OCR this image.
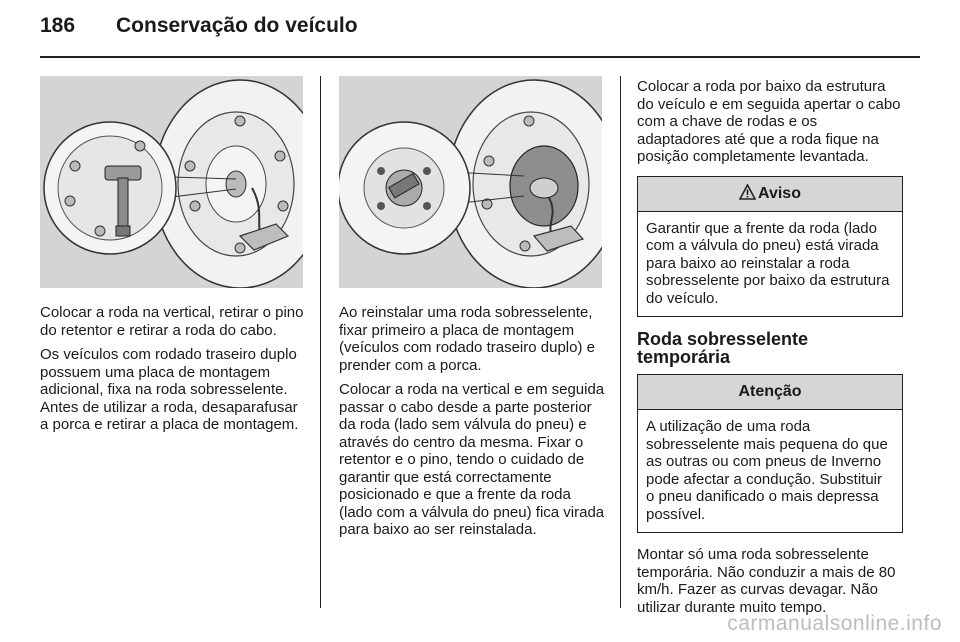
186 Conservação do veículo

Colocar a roda na vertical, retirar o pino do retentor e retirar a roda do cabo.

Os veículos com rodado traseiro duplo possuem uma placa de montagem adicional, fixa na roda sobresselente. Antes de utilizar a roda, desaparafusar a porca e retirar a placa de montagem.

Ao reinstalar uma roda sobresselente, fixar primeiro a placa de montagem (veículos com rodado traseiro duplo) e prender com a porca.

Colocar a roda na vertical e em seguida passar o cabo desde a parte posterior da roda (lado sem válvula do pneu) e através do centro da mesma. Fixar o retentor e o pino, tendo o cuidado de garantir que está correctamente posicionado e que a frente da roda (lado com a válvula do pneu) fica virada para baixo ao ser reinstalada.

Colocar a roda por baixo da estrutura do veículo e em seguida apertar o cabo com a chave de rodas e os adaptadores até que a roda fique na posição completamente levantada.

Aviso
Garantir que a frente da roda (lado com a válvula do pneu) está virada para baixo ao reinstalar a roda sobresselente por baixo da estrutura do veículo.
Roda sobresselente temporária
Atenção
A utilização de uma roda sobresselente mais pequena do que as outras ou com pneus de Inverno pode afectar a condução. Substituir o pneu danificado o mais depressa possível.

Montar só uma roda sobresselente temporária. Não conduzir a mais de 80 km/h. Fazer as curvas devagar. Não utilizar durante muito tempo.

carmanualsonline.info
